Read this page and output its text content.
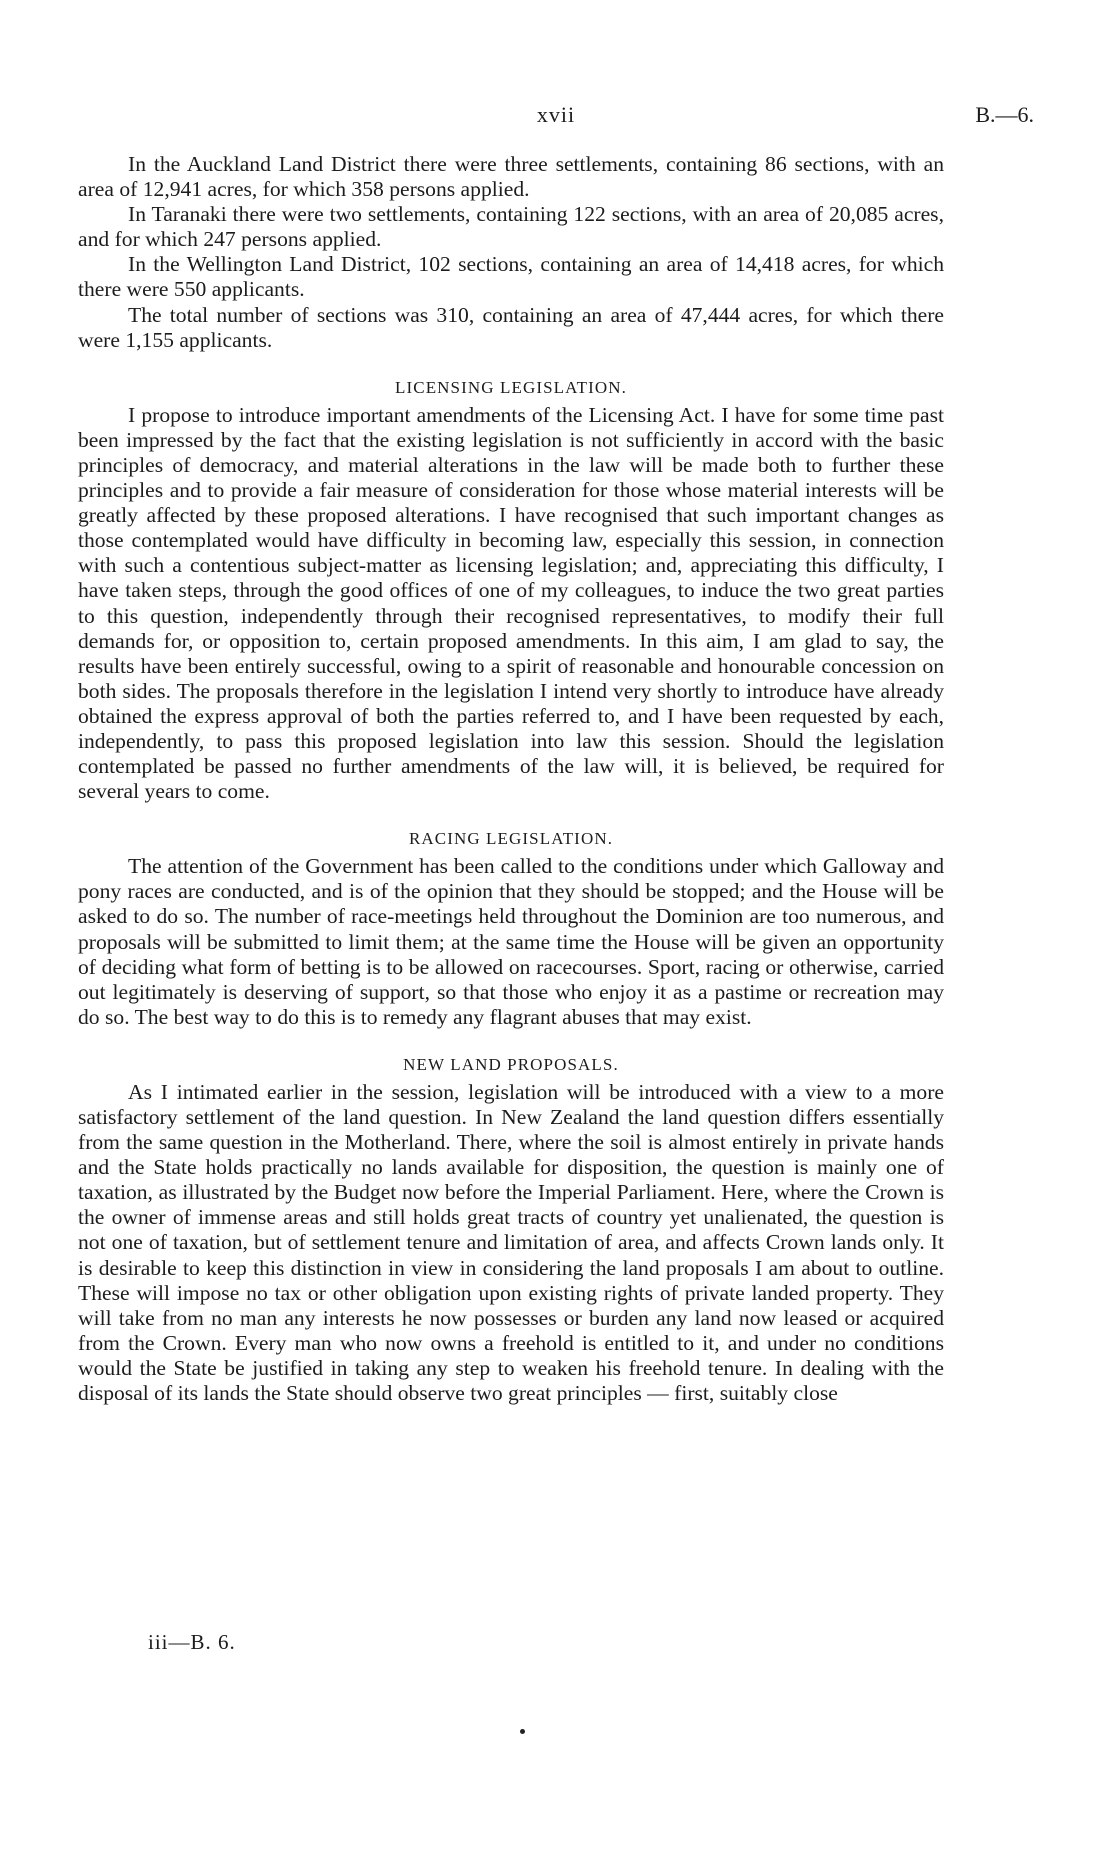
xvii	B.—6.

In the Auckland Land District there were three settlements, containing 86 sections, with an area of 12,941 acres, for which 358 persons applied.

In Taranaki there were two settlements, containing 122 sections, with an area of 20,085 acres, and for which 247 persons applied.

In the Wellington Land District, 102 sections, containing an area of 14,418 acres, for which there were 550 applicants.

The total number of sections was 310, containing an area of 47,444 acres, for which there were 1,155 applicants.

LICENSING LEGISLATION.

I propose to introduce important amendments of the Licensing Act. I have for some time past been impressed by the fact that the existing legislation is not sufficiently in accord with the basic principles of democracy, and material alterations in the law will be made both to further these principles and to provide a fair measure of consideration for those whose material interests will be greatly affected by these proposed alterations. I have recognised that such important changes as those contemplated would have difficulty in becoming law, especially this session, in connection with such a contentious subject-matter as licensing legislation; and, appreciating this difficulty, I have taken steps, through the good offices of one of my colleagues, to induce the two great parties to this question, independently through their recognised representatives, to modify their full demands for, or opposition to, certain proposed amendments. In this aim, I am glad to say, the results have been entirely successful, owing to a spirit of reasonable and honourable concession on both sides. The proposals therefore in the legislation I intend very shortly to introduce have already obtained the express approval of both the parties referred to, and I have been requested by each, independently, to pass this proposed legislation into law this session. Should the legislation contemplated be passed no further amendments of the law will, it is believed, be required for several years to come.

RACING LEGISLATION.

The attention of the Government has been called to the conditions under which Galloway and pony races are conducted, and is of the opinion that they should be stopped; and the House will be asked to do so. The number of race-meetings held throughout the Dominion are too numerous, and proposals will be submitted to limit them; at the same time the House will be given an opportunity of deciding what form of betting is to be allowed on racecourses. Sport, racing or otherwise, carried out legitimately is deserving of support, so that those who enjoy it as a pastime or recreation may do so. The best way to do this is to remedy any flagrant abuses that may exist.

NEW LAND PROPOSALS.

As I intimated earlier in the session, legislation will be introduced with a view to a more satisfactory settlement of the land question. In New Zealand the land question differs essentially from the same question in the Motherland. There, where the soil is almost entirely in private hands and the State holds practically no lands available for disposition, the question is mainly one of taxation, as illustrated by the Budget now before the Imperial Parliament. Here, where the Crown is the owner of immense areas and still holds great tracts of country yet unalienated, the question is not one of taxation, but of settlement tenure and limitation of area, and affects Crown lands only. It is desirable to keep this distinction in view in considering the land proposals I am about to outline. These will impose no tax or other obligation upon existing rights of private landed property. They will take from no man any interests he now possesses or burden any land now leased or acquired from the Crown. Every man who now owns a freehold is entitled to it, and under no conditions would the State be justified in taking any step to weaken his freehold tenure. In dealing with the disposal of its lands the State should observe two great principles — first, suitably close

iii—B. 6.
